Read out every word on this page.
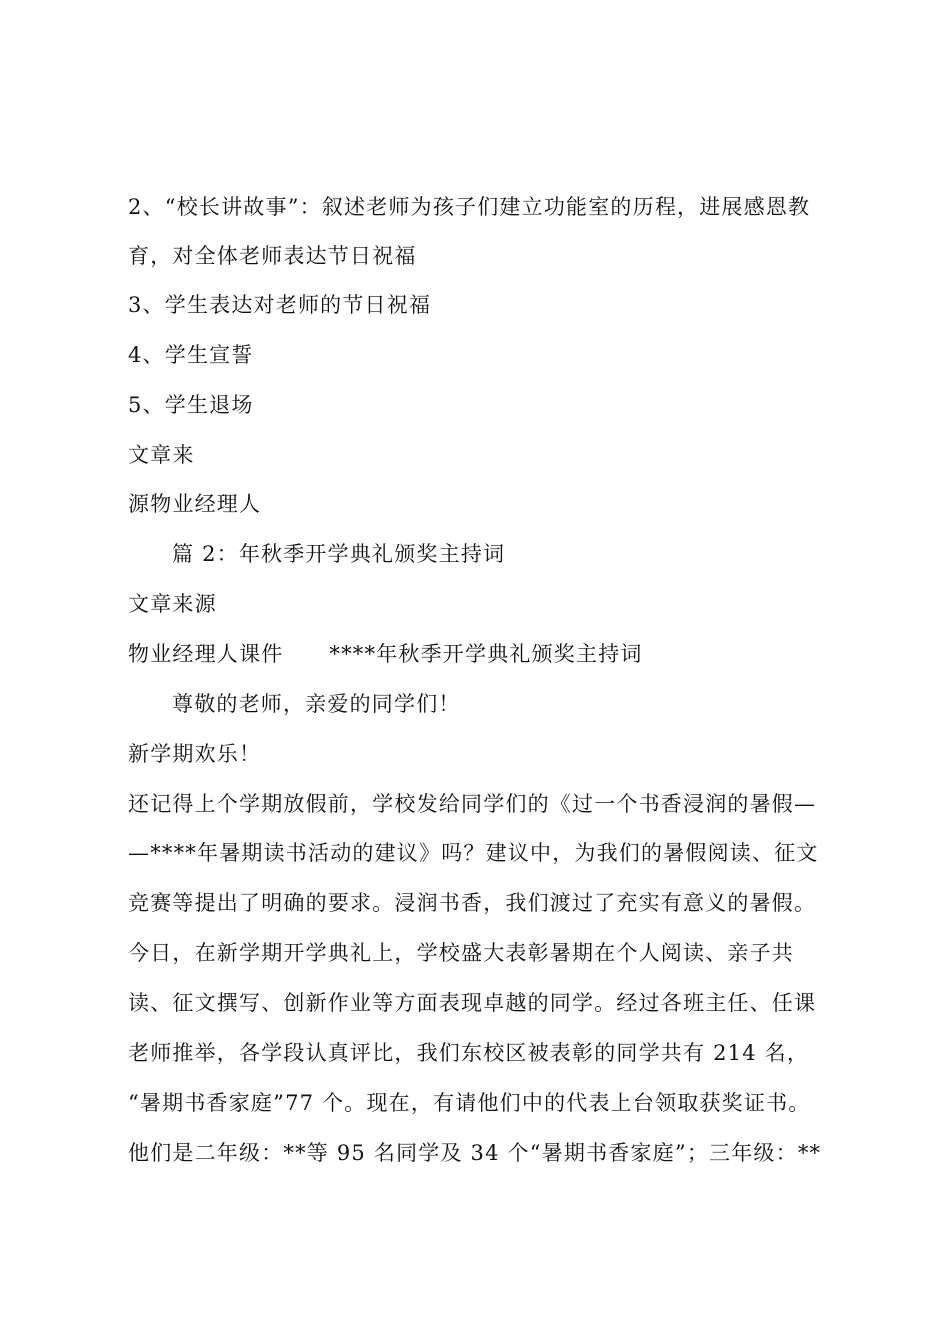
2、“校长讲故事”：叙述老师为孩子们建立功能室的历程，进展感恩教
育，对全体老师表达节日祝福
3、学生表达对老师的节日祝福
4、学生宣誓
5、学生退场
文章来
源物业经理人
篇 2：年秋季开学典礼颁奖主持词
文章来源
物业经理人课件 ****年秋季开学典礼颁奖主持词
尊敬的老师，亲爱的同学们！
新学期欢乐！
还记得上个学期放假前，学校发给同学们的《过一个书香浸润的暑假—
—****年暑期读书活动的建议》吗？建议中，为我们的暑假阅读、征文
竞赛等提出了明确的要求。浸润书香，我们渡过了充实有意义的暑假。
今日，在新学期开学典礼上，学校盛大表彰暑期在个人阅读、亲子共
读、征文撰写、创新作业等方面表现卓越的同学。经过各班主任、任课
老师推举，各学段认真评比，我们东校区被表彰的同学共有 214 名，
“暑期书香家庭”77 个。现在，有请他们中的代表上台领取获奖证书。
他们是二年级：**等 95 名同学及 34 个“暑期书香家庭”；三年级：**
